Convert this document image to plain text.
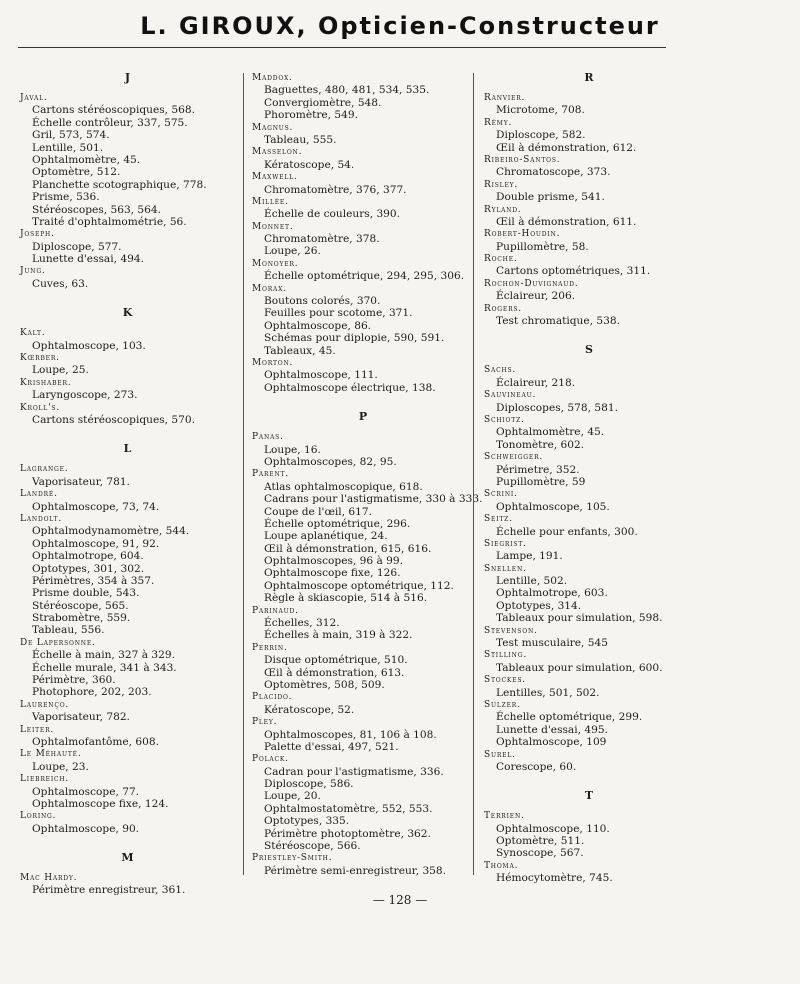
L. GIROUX, Opticien-Constructeur
J
Javal.
Cartons stéréoscopiques, 568.
Échelle contrôleur, 337, 575.
Gril, 573, 574.
Lentille, 501.
Ophtalmomètre, 45.
Optomètre, 512.
Planchette scotographique, 778.
Prisme, 536.
Stéréoscopes, 563, 564.
Traité d'ophtalmométrie, 56.
Joseph.
Diploscope, 577.
Lunette d'essai, 494.
Jung.
Cuves, 63.
K
Kalt.
Ophtalmoscope, 103.
Kœrber.
Loupe, 25.
Krishaber.
Laryngoscope, 273.
Kroll's.
Cartons stéréoscopiques, 570.
L
Lagrange.
Vaporisateur, 781.
Landré.
Ophtalmoscope, 73, 74.
Landolt.
Ophtalmodynamomètre, 544.
Ophtalmoscope, 91, 92.
Ophtalmotrope, 604.
Optotypes, 301, 302.
Périmètres, 354 à 357.
Prisme double, 543.
Stéréoscope, 565.
Strabomètre, 559.
Tableau, 556.
De Lapersonne.
Échelle à main, 327 à 329.
Échelle murale, 341 à 343.
Périmètre, 360.
Photophore, 202, 203.
Laurenço.
Vaporisateur, 782.
Leiter.
Ophtalmofantôme, 608.
Le Méhauté.
Loupe, 23.
Liebreich.
Ophtalmoscope, 77.
Ophtalmoscope fixe, 124.
Loring.
Ophtalmoscope, 90.
M
Mac Hardy.
Périmètre enregistreur, 361.
Maddox.
Baguettes, 480, 481, 534, 535.
Convergiomètre, 548.
Phoromètre, 549.
Magnus.
Tableau, 555.
Masselon.
Kératoscope, 54.
Maxwell.
Chromatomètre, 376, 377.
Millée.
Échelle de couleurs, 390.
Monnet.
Chromatomètre, 378.
Loupe, 26.
Monoyer.
Échelle optométrique, 294, 295, 306.
Morax.
Boutons colorés, 370.
Feuilles pour scotome, 371.
Ophtalmoscope, 86.
Schémas pour diplopie, 590, 591.
Tableaux, 45.
Morton.
Ophtalmoscope, 111.
Ophtalmoscope électrique, 138.
P
Panas.
Loupe, 16.
Ophtalmoscopes, 82, 95.
Parent.
Atlas ophtalmoscopique, 618.
Cadrans pour l'astigmatisme, 330 à 333.
Coupe de l'œil, 617.
Échelle optométrique, 296.
Loupe aplanétique, 24.
Œil à démonstration, 615, 616.
Ophtalmoscopes, 96 à 99.
Ophtalmoscope fixe, 126.
Ophtalmoscope optométrique, 112.
Règle à skiascopie, 514 à 516.
Parinaud.
Échelles, 312.
Échelles à main, 319 à 322.
Perrin.
Disque optométrique, 510.
Œil à démonstration, 613.
Optomètres, 508, 509.
Placido.
Kératoscope, 52.
Pley.
Ophtalmoscopes, 81, 106 à 108.
Palette d'essai, 497, 521.
Polack.
Cadran pour l'astigmatisme, 336.
Diploscope, 586.
Loupe, 20.
Ophtalmostatomètre, 552, 553.
Optotypes, 335.
Périmètre photoptomètre, 362.
Stéréoscope, 566.
Priestley-Smith.
Périmètre semi-enregistreur, 358.
R
Ranvier.
Microtome, 708.
Rémy.
Diploscope, 582.
Œil à démonstration, 612.
Ribeiro-Santos.
Chromatoscope, 373.
Risley.
Double prisme, 541.
Ryland.
Œil à démonstration, 611.
Robert-Houdin.
Pupillomètre, 58.
Roche.
Cartons optométriques, 311.
Rochon-Duvignaud.
Éclaireur, 206.
Rogers.
Test chromatique, 538.
S
Sachs.
Éclaireur, 218.
Sauvineau.
Diploscopes, 578, 581.
Schiotz.
Ophtalmomètre, 45.
Tonomètre, 602.
Schweigger.
Périmetre, 352.
Pupillomètre, 59
Scrini.
Ophtalmoscope, 105.
Seitz.
Échelle pour enfants, 300.
Siegrist.
Lampe, 191.
Snellen.
Lentille, 502.
Ophtalmotrope, 603.
Optotypes, 314.
Tableaux pour simulation, 598.
Stevenson.
Test musculaire, 545
Stilling.
Tableaux pour simulation, 600.
Stockes.
Lentilles, 501, 502.
Sulzer.
Échelle optométrique, 299.
Lunette d'essai, 495.
Ophtalmoscope, 109
Surel.
Corescope, 60.
T
Terrien.
Ophtalmoscope, 110.
Optomètre, 511.
Synoscope, 567.
Thoma.
Hémocytomètre, 745.
— 128 —
